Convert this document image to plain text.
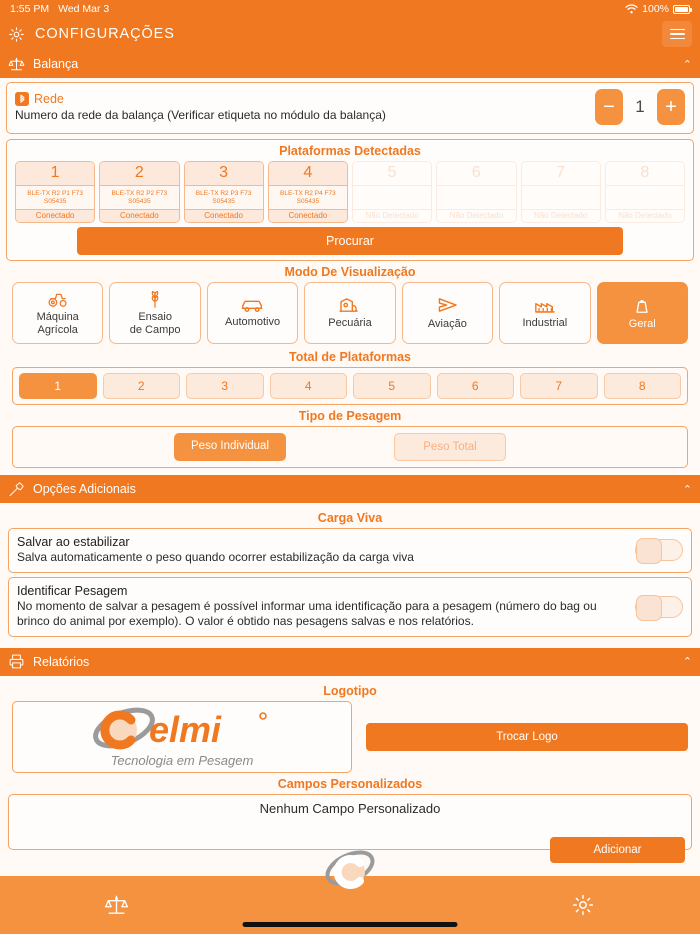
1:55 PM Wed Mar 3	100%
CONFIGURAÇÕES
Balança	⌃
Rede
Numero da rede da balança (Verificar etiqueta no módulo da balança)	−	1	+
Plataformas Detectadas
1
BLE-TX R2 P1 F73 S05435
Conectado
2
BLE-TX R2 P2 F73 S05435
Conectado
3
BLE-TX R2 P3 F73 S05435
Conectado
4
BLE-TX R2 P4 F73 S05435
Conectado
5
Não Detectado
6
Não Detectado
7
Não Detectado
8
Não Detectado
Procurar
Modo De Visualização
Máquina
Agrícola
Ensaio
de Campo
Automotivo	Pecuária	Aviação	Industrial	Geral
Total de Plataformas
1	2	3	4	5	6	7	8
Tipo de Pesagem
Peso Individual	Peso Total
Opções Adicionais	⌃
Carga Viva
Salvar ao estabilizar
Salva automaticamente o peso quando ocorrer estabilização da carga viva
Identificar Pesagem
No momento de salvar a pesagem é possível informar uma identificação para a pesagem (número do bag ou brinco do animal por exemplo). O valor é obtido nas pesagens salvas e nos relatórios.
Relatórios	⌃
Logotipo
elmi
Tecnologia em Pesagem
Trocar Logo
Campos Personalizados
Nenhum Campo Personalizado
Adicionar
